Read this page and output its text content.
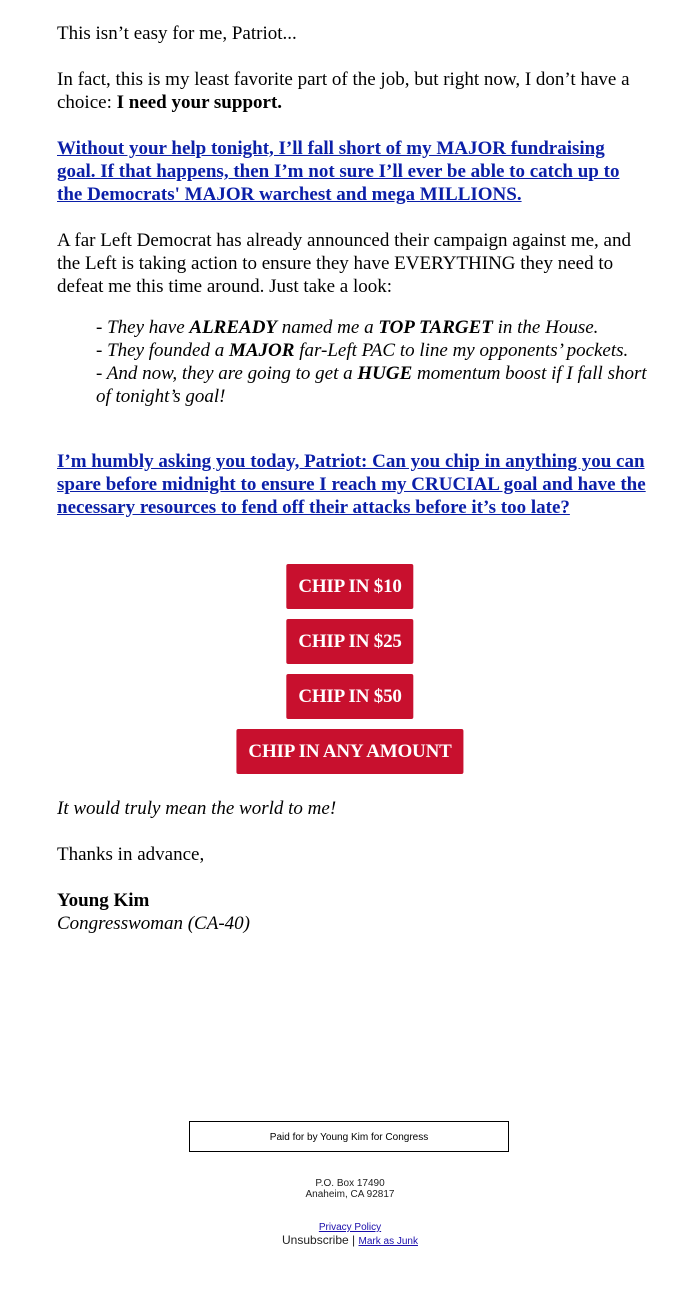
This isn’t easy for me, Patriot...

In fact, this is my least favorite part of the job, but right now, I don’t have a choice: I need your support.

Without your help tonight, I’ll fall short of my MAJOR fundraising goal. If that happens, then I’m not sure I’ll ever be able to catch up to the Democrats' MAJOR warchest and mega MILLIONS.

A far Left Democrat has already announced their campaign against me, and the Left is taking action to ensure they have EVERYTHING they need to defeat me this time around. Just take a look:

- They have ALREADY named me a TOP TARGET in the House.

- They founded a MAJOR far-Left PAC to line my opponents’ pockets.

- And now, they are going to get a HUGE momentum boost if I fall short of tonight’s goal!

I’m humbly asking you today, Patriot: Can you chip in anything you can spare before midnight to ensure I reach my CRUCIAL goal and have the necessary resources to fend off their attacks before it’s too late?

CHIP IN $10
CHIP IN $25
CHIP IN $50
CHIP IN ANY AMOUNT

It would truly mean the world to me!

Thanks in advance,

Young Kim

Congresswoman (CA-40)

Paid for by Young Kim for Congress
P.O. Box 17490
Anaheim, CA 92817
Privacy Policy
Unsubscribe | Mark as Junk
